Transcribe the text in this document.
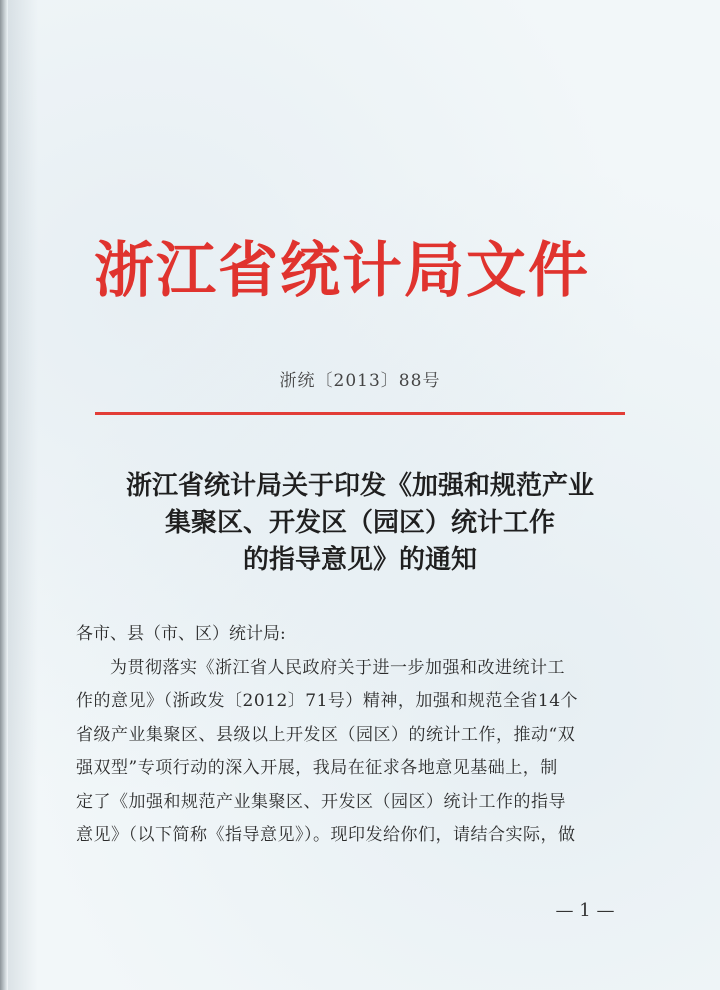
浙江省统计局文件
浙统〔2013〕88号
浙江省统计局关于印发《加强和规范产业
集聚区、开发区（园区）统计工作
的指导意见》的通知
各市、县（市、区）统计局:
为贯彻落实《浙江省人民政府关于进一步加强和改进统计工
作的意见》（浙政发〔2012〕71号）精神，加强和规范全省14个
省级产业集聚区、县级以上开发区（园区）的统计工作，推动“双
强双型”专项行动的深入开展，我局在征求各地意见基础上，制
定了《加强和规范产业集聚区、开发区（园区）统计工作的指导
意见》（以下简称《指导意见》）。现印发给你们，请结合实际，做
— 1 —
